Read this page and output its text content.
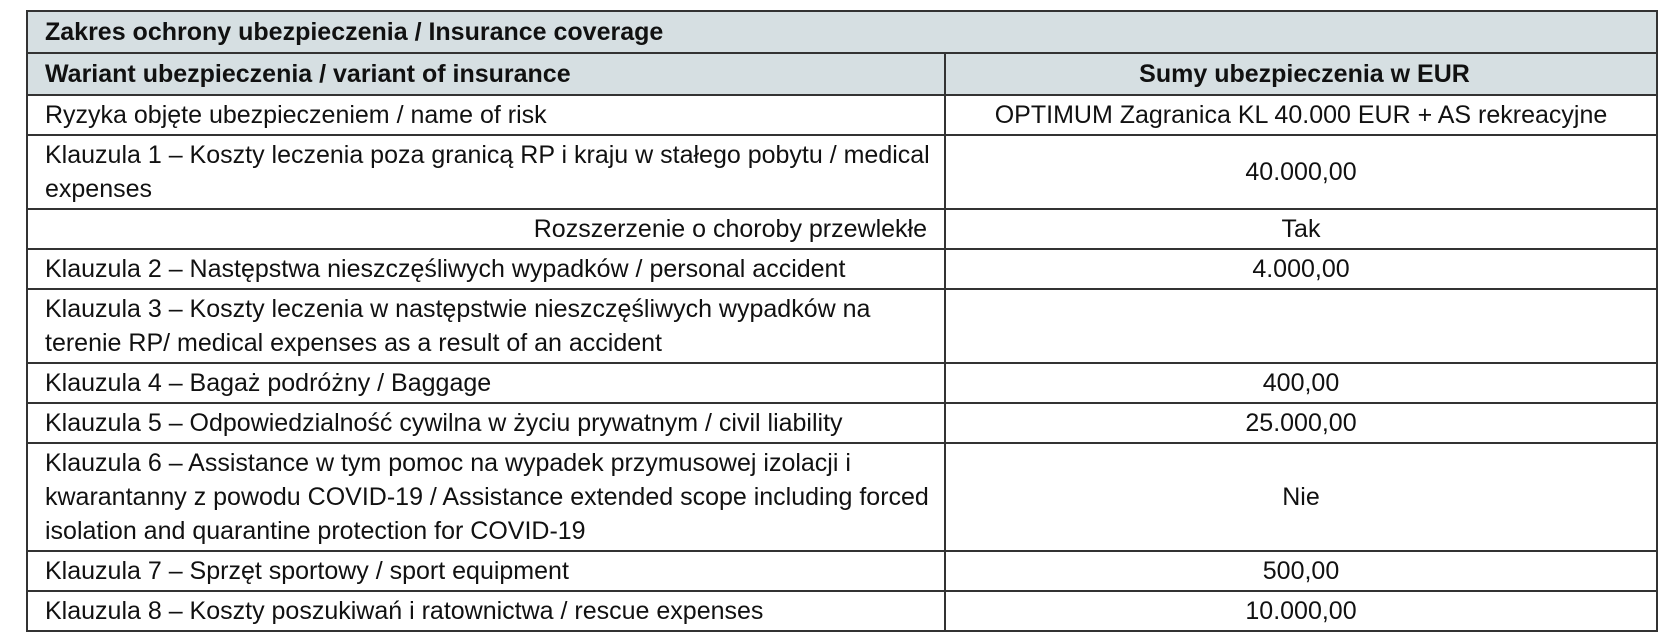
Zakres ochrony ubezpieczenia / Insurance coverage	
Wariant ubezpieczenia / variant of insurance	Sumy ubezpieczenia w EUR
Ryzyka objęte ubezpieczeniem / name of risk	OPTIMUM Zagranica KL 40.000 EUR + AS rekreacyjne
Klauzula 1 – Koszty leczenia poza granicą RP i kraju w stałego pobytu / medical expenses	40.000,00
Rozszerzenie o choroby przewlekłe	Tak
Klauzula 2 – Następstwa nieszczęśliwych wypadków / personal accident	4.000,00
Klauzula 3 – Koszty leczenia w następstwie nieszczęśliwych wypadków na terenie RP/ medical expenses as a result of an accident	
Klauzula 4 – Bagaż podróżny / Baggage	400,00
Klauzula 5 – Odpowiedzialność cywilna w życiu prywatnym / civil liability	25.000,00
Klauzula 6 – Assistance w tym pomoc na wypadek przymusowej izolacji i kwarantanny z powodu COVID-19 / Assistance extended scope including forced isolation and quarantine protection for COVID-19	Nie
Klauzula 7 – Sprzęt sportowy / sport equipment	500,00
Klauzula 8 – Koszty poszukiwań i ratownictwa / rescue expenses	10.000,00
